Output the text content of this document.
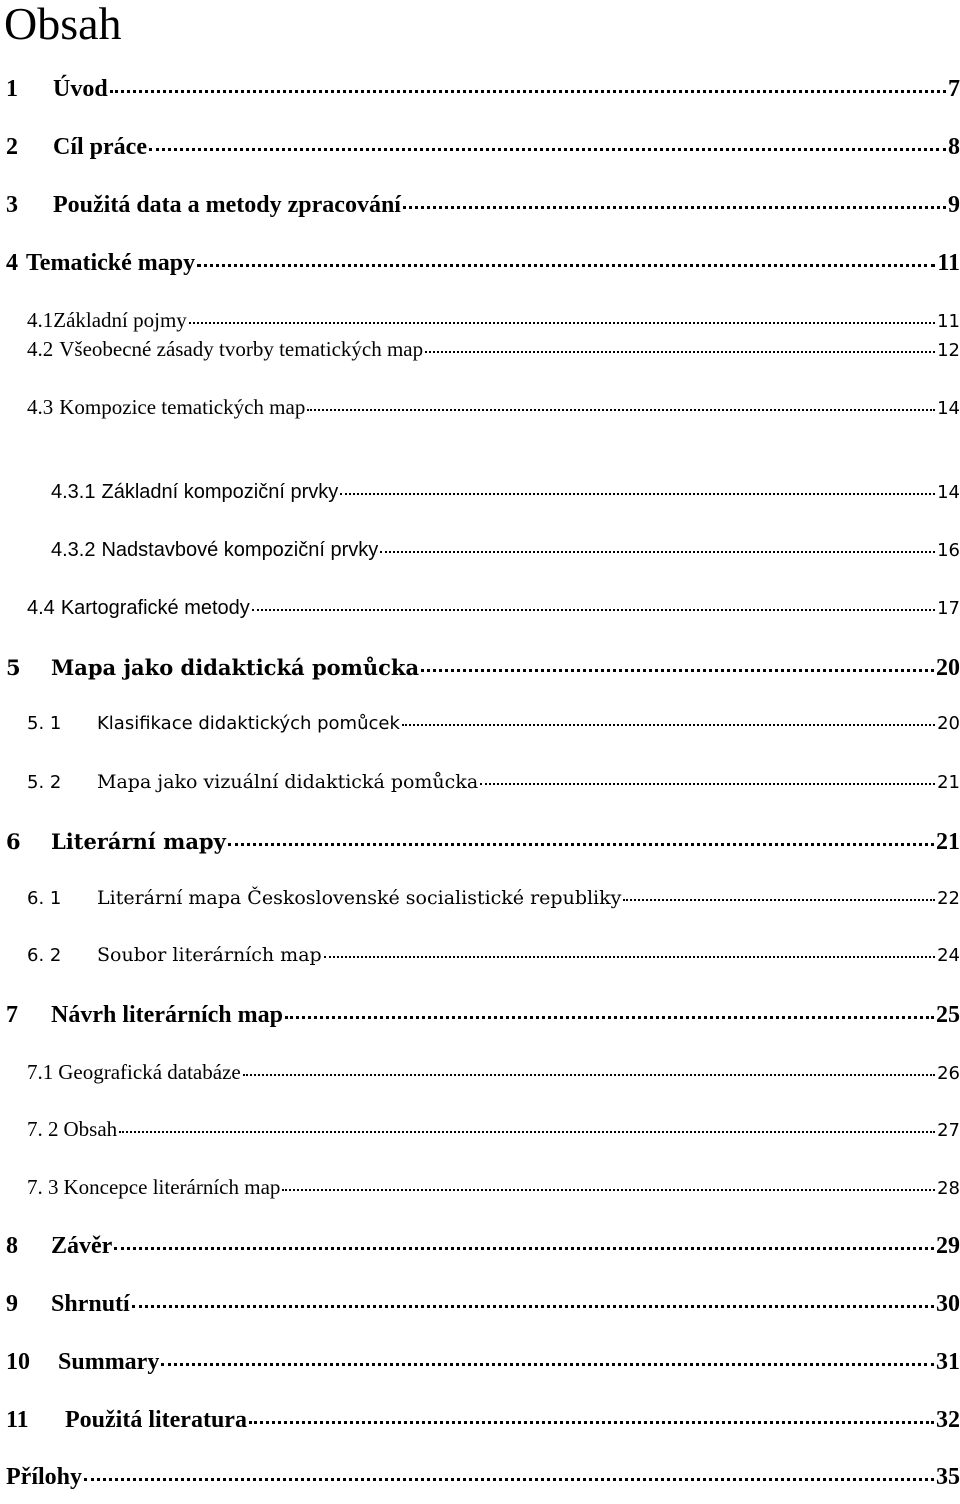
Obsah
1	Úvod	7
2	Cíl práce	8
3	Použitá data a metody zpracování	9
4 Tematické mapy	11
4.1 Základní pojmy	11
4.2 Všeobecné zásady tvorby tematických map	12
4.3 Kompozice tematických map	14
4.3.1 Základní kompoziční prvky	14
4.3.2 Nadstavbové kompoziční prvky	16
4.4 Kartografické metody	17
5	Mapa jako didaktická pomůcka	20
5. 1	Klasifikace didaktických pomůcek	20
5. 2	Mapa jako vizuální didaktická pomůcka	21
6	Literární mapy	21
6. 1	Literární mapa Československé socialistické republiky	22
6. 2	Soubor literárních map	24
7	Návrh literárních map	25
7.1 Geografická databáze	26
7. 2 Obsah	27
7. 3 Koncepce literárních map	28
8	Závěr	29
9	Shrnutí	30
10	Summary	31
11	Použitá literatura	32
Přílohy	35
